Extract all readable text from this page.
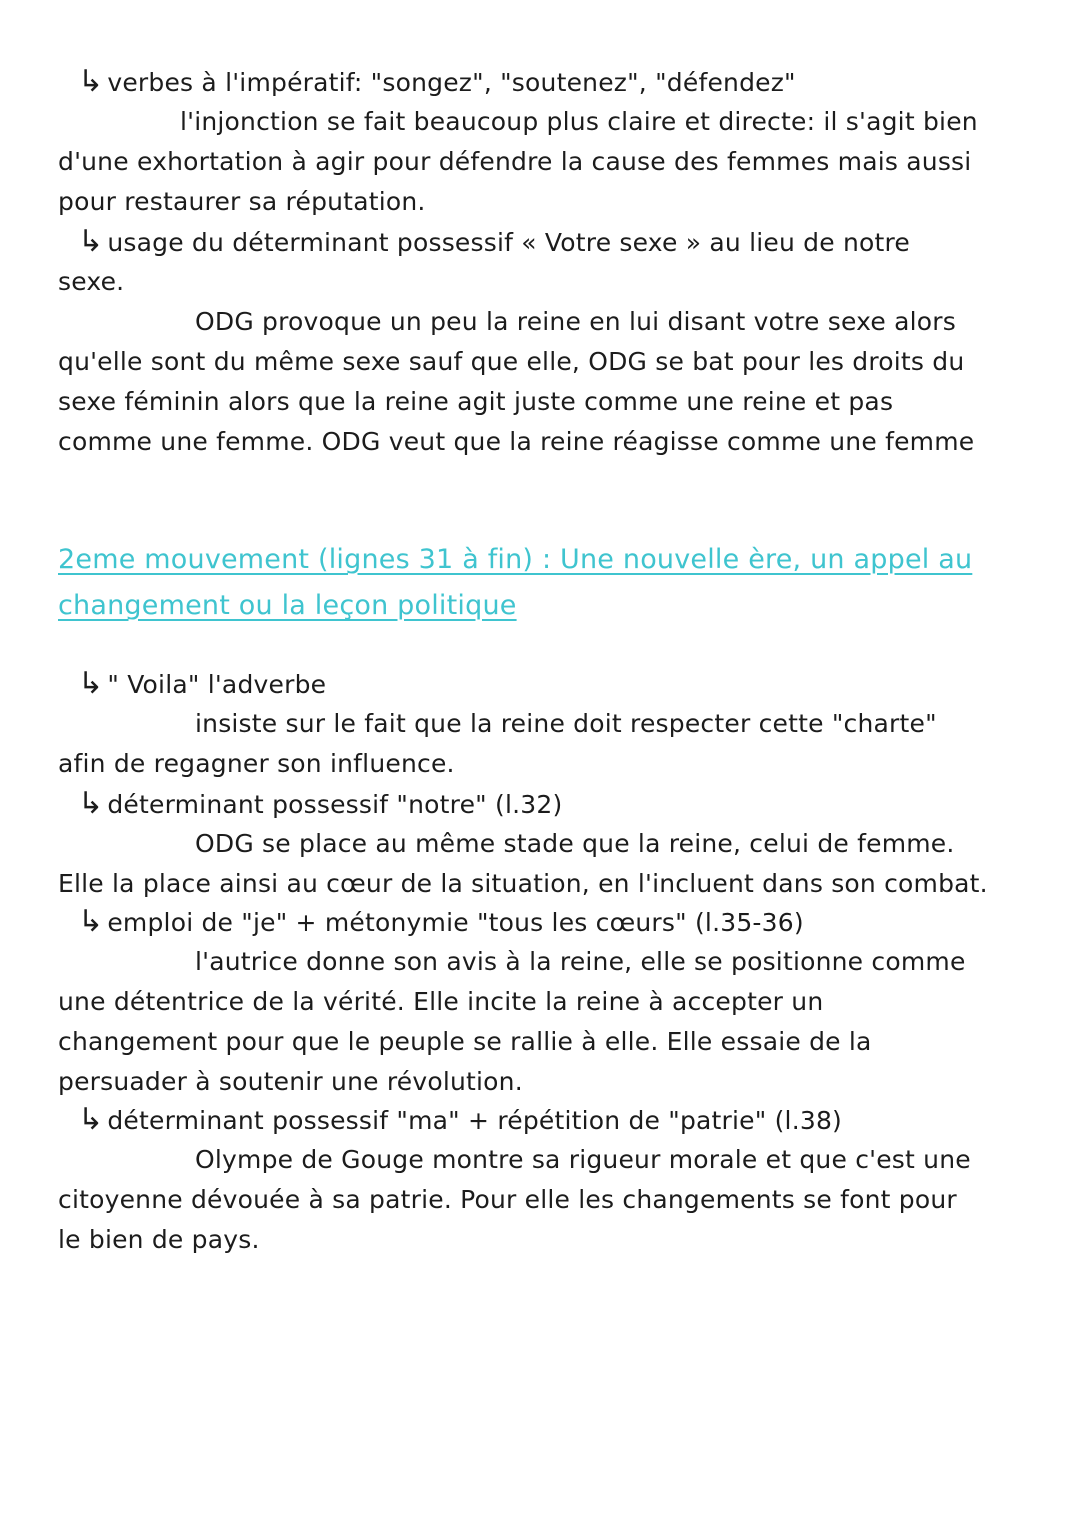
↳ verbes à l'impératif: "songez", "soutenez", "défendez"
l'injonction se fait beaucoup plus claire et directe: il s'agit bien
d'une exhortation à agir pour défendre la cause des femmes mais aussi
pour restaurer sa réputation.
↳ usage du déterminant possessif « Votre sexe » au lieu de notre
sexe.
ODG provoque un peu la reine en lui disant votre sexe alors
qu'elle sont du même sexe sauf que elle, ODG se bat pour les droits du
sexe féminin alors que la reine agit juste comme une reine et pas
comme une femme. ODG veut que la reine réagisse comme une femme
2eme mouvement (lignes 31 à fin) : Une nouvelle ère, un appel au
changement ou la leçon politique
↳ " Voila" l'adverbe
insiste sur le fait que la reine doit respecter cette "charte"
afin de regagner son influence.
↳ déterminant possessif "notre" (l.32)
ODG se place au même stade que la reine, celui de femme.
Elle la place ainsi au cœur de la situation, en l'incluent dans son combat.
↳ emploi de "je" + métonymie "tous les cœurs" (l.35-36)
l'autrice donne son avis à la reine, elle se positionne comme
une détentrice de la vérité. Elle incite la reine à accepter un
changement pour que le peuple se rallie à elle. Elle essaie de la
persuader à soutenir une révolution.
↳ déterminant possessif "ma" + répétition de "patrie" (l.38)
Olympe de Gouge montre sa rigueur morale et que c'est une
citoyenne dévouée à sa patrie. Pour elle les changements se font pour
le bien de pays.
